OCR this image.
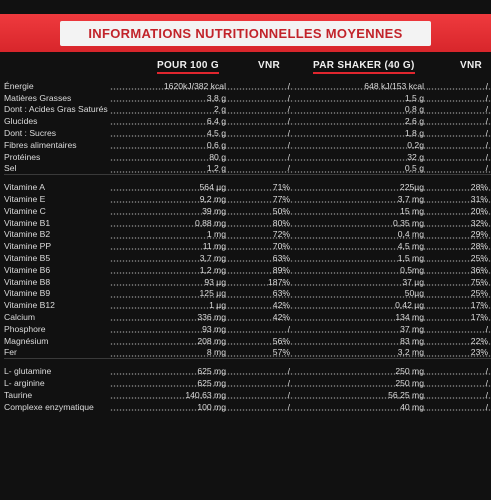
INFORMATIONS NUTRITIONNELLES MOYENNES
POUR 100 G	VNR	PAR SHAKER (40 G)	VNR
Énergie	1620kJ/382 kcal	/	648 kJ/153 kcal	/
Matières Grasses	3,8 g	/	1,5 g	/
Dont : Acides Gras Saturés	2 g	/	0,8 g	/
Glucides	6,4 g	/	2,6 g	/
Dont : Sucres	4,5 g	/	1,8 g	/
Fibres alimentaires	0,6 g	/	0,2g	/
Protéines	80 g	/	32 g	/
Sel	1,2 g	/	0,5 g	/

Vitamine A	564 µg	71%	225µg	28%
Vitamine E	9,2 mg	77%	3,7 mg	31%
Vitamine C	39 mg	50%	15 mg	20%
Vitamine B1	0,88 mg	80%	0,35 mg	32%
Vitamine B2	1 mg	72%	0,4 mg	29%
Vitamine PP	11 mg	70%	4,5 mg	28%
Vitamine B5	3,7 mg	63%	1,5 mg	25%
Vitamine B6	1,2 mg	89%	0,5mg	36%
Vitamine B8	93 µg	187%	37 µg	75%
Vitamine B9	125 µg	63%	50µg	25%
Vitamine B12	1 µg	42%	0,42 µg	17%
Calcium	336 mg	42%	134 mg	17%
Phosphore	93 mg	/	37 mg	/
Magnésium	208 mg	56%	83 mg	22%
Fer	8 mg	57%	3,2 mg	23%

L- glutamine	625 mg	/	250 mg	/
L- arginine	625 mg	/	250 mg	/
Taurine	140,63 mg	/	56,25 mg	/
Complexe enzymatique	100 mg	/	40 mg	/
